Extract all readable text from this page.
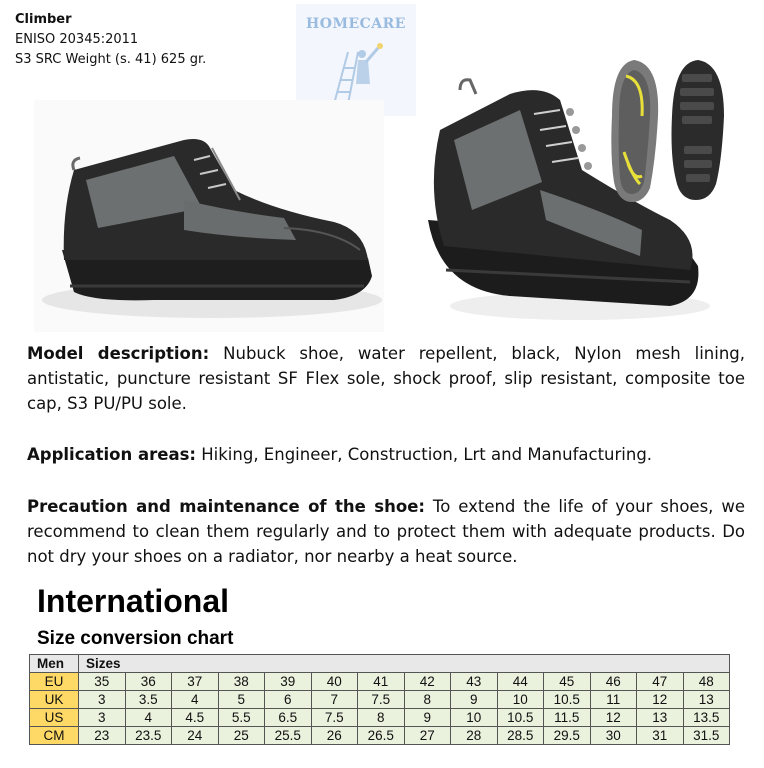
Climber
ENISO 20345:2011
S3 SRC Weight (s. 41) 625 gr.
HOMECARE
Model description: Nubuck shoe, water repellent, black, Nylon mesh lining, antistatic, puncture resistant SF Flex sole, shock proof, slip resistant, composite toe cap, S3 PU/PU sole.
Application areas: Hiking, Engineer, Construction, Lrt and Manufacturing.
Precaution and maintenance of the shoe: To extend the life of your shoes, we recommend to clean them regularly and to protect them with adequate products. Do not dry your shoes on a radiator, nor nearby a heat source.
International
Size conversion chart
Men	Sizes													
EU	35	36	37	38	39	40	41	42	43	44	45	46	47	48
UK	3	3.5	4	5	6	7	7.5	8	9	10	10.5	11	12	13
US	3	4	4.5	5.5	6.5	7.5	8	9	10	10.5	11.5	12	13	13.5
CM	23	23.5	24	25	25.5	26	26.5	27	28	28.5	29.5	30	31	31.5
